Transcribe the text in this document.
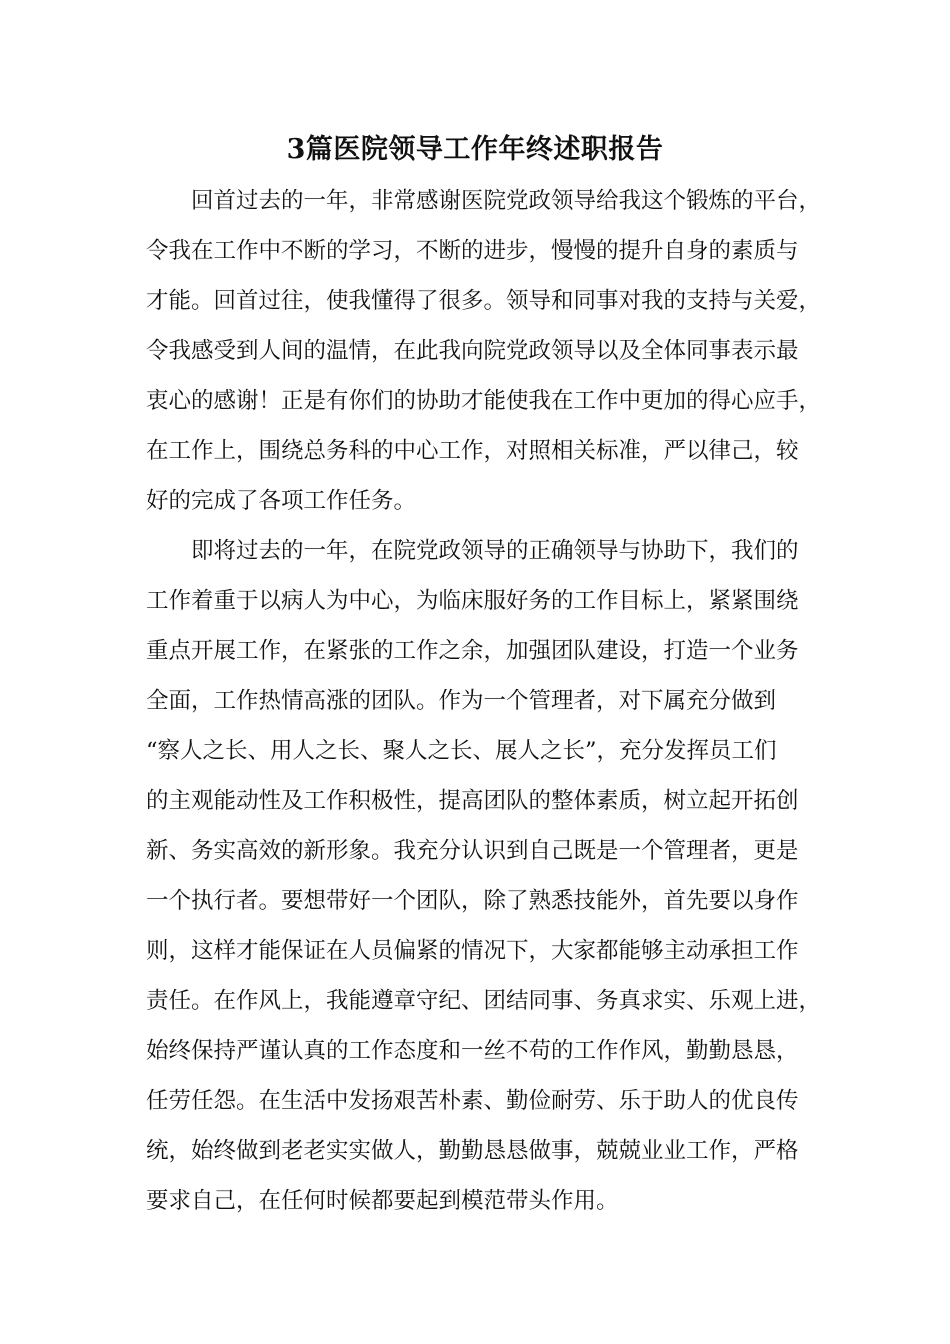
3篇医院领导工作年终述职报告
回首过去的一年，非常感谢医院党政领导给我这个锻炼的平台，
令我在工作中不断的学习，不断的进步，慢慢的提升自身的素质与
才能。回首过往，使我懂得了很多。领导和同事对我的支持与关爱，
令我感受到人间的温情，在此我向院党政领导以及全体同事表示最
衷心的感谢！正是有你们的协助才能使我在工作中更加的得心应手，
在工作上，围绕总务科的中心工作，对照相关标准，严以律己，较
好的完成了各项工作任务。
即将过去的一年，在院党政领导的正确领导与协助下，我们的
工作着重于以病人为中心，为临床服好务的工作目标上，紧紧围绕
重点开展工作，在紧张的工作之余，加强团队建设，打造一个业务
全面，工作热情高涨的团队。作为一个管理者，对下属充分做到
“察人之长、用人之长、聚人之长、展人之长”，充分发挥员工们
的主观能动性及工作积极性，提高团队的整体素质，树立起开拓创
新、务实高效的新形象。我充分认识到自己既是一个管理者，更是
一个执行者。要想带好一个团队，除了熟悉技能外，首先要以身作
则，这样才能保证在人员偏紧的情况下，大家都能够主动承担工作
责任。在作风上，我能遵章守纪、团结同事、务真求实、乐观上进，
始终保持严谨认真的工作态度和一丝不苟的工作作风，勤勤恳恳，
任劳任怨。在生活中发扬艰苦朴素、勤俭耐劳、乐于助人的优良传
统，始终做到老老实实做人，勤勤恳恳做事，兢兢业业工作，严格
要求自己，在任何时候都要起到模范带头作用。
